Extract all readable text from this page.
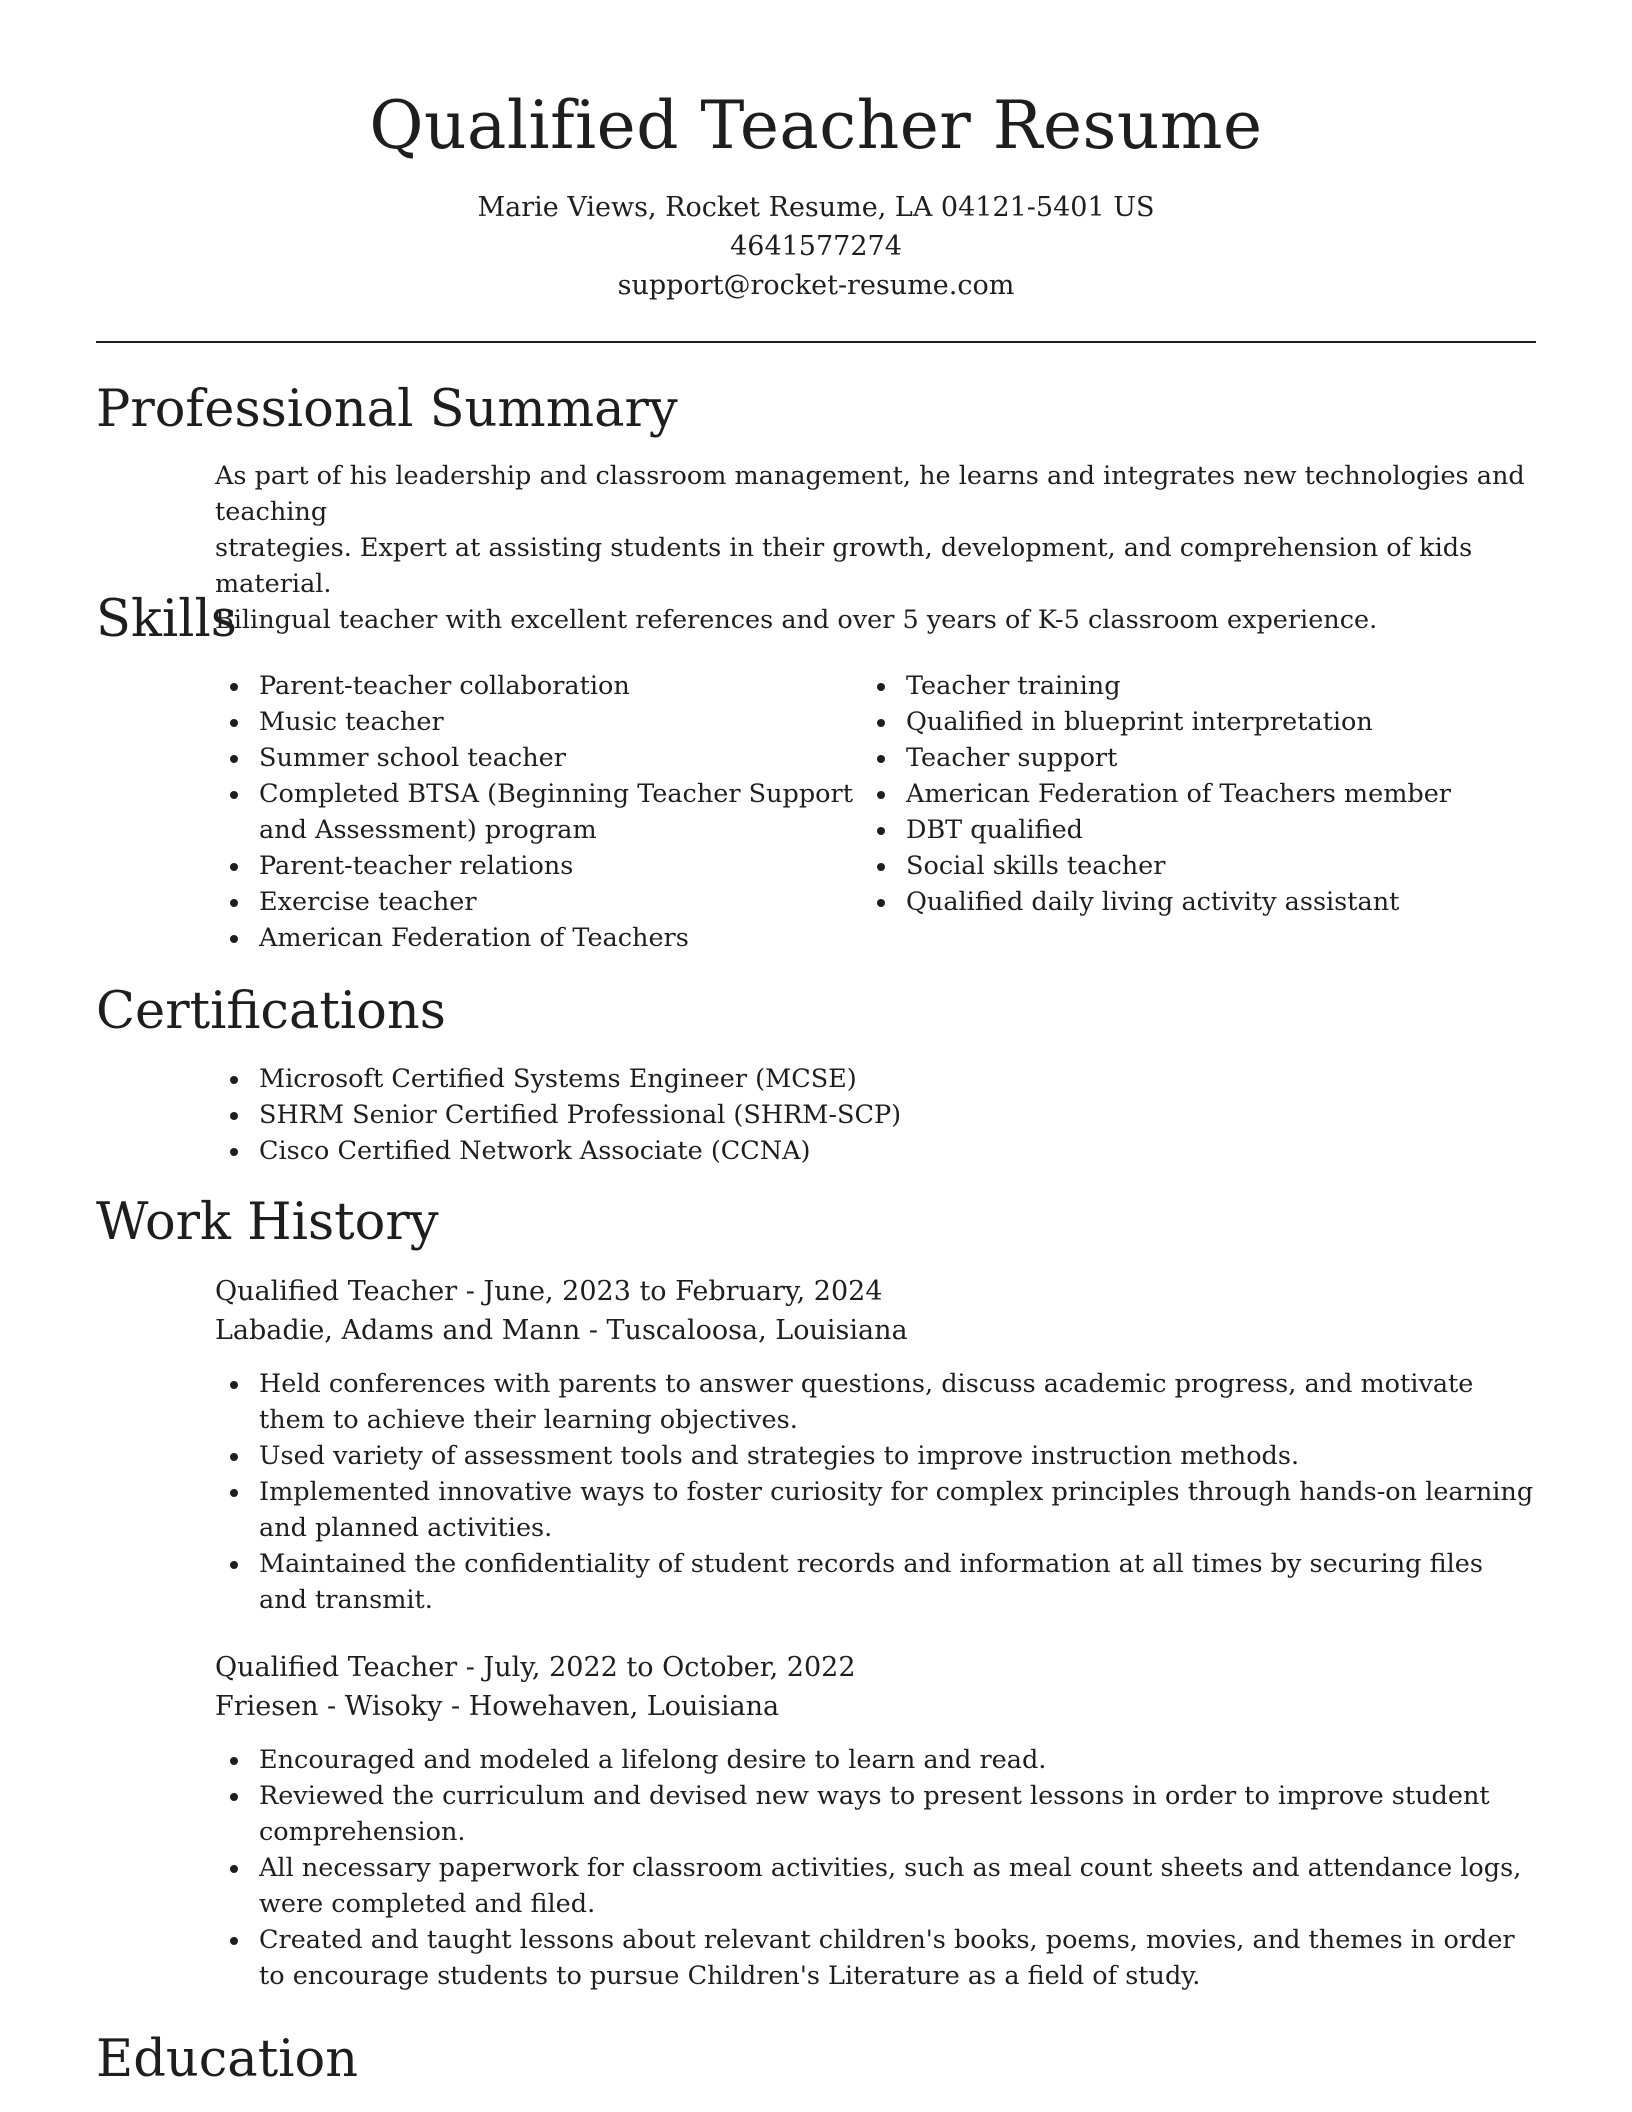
Qualified Teacher Resume

Marie Views, Rocket Resume, LA 04121-5401 US

4641577274

support@rocket-resume.com

Professional Summary
As part of his leadership and classroom management, he learns and integrates new technologies and teaching
strategies. Expert at assisting students in their growth, development, and comprehension of kids material.
Bilingual teacher with excellent references and over 5 years of K-5 classroom experience.
Skills
Parent-teacher collaboration
Music teacher
Summer school teacher
Completed BTSA (Beginning Teacher Support and Assessment) program
Parent-teacher relations
Exercise teacher
American Federation of Teachers
Teacher training
Qualified in blueprint interpretation
Teacher support
American Federation of Teachers member
DBT qualified
Social skills teacher
Qualified daily living activity assistant
Certifications
Microsoft Certified Systems Engineer (MCSE)
SHRM Senior Certified Professional (SHRM-SCP)
Cisco Certified Network Associate (CCNA)
Work History

Qualified Teacher - June, 2023 to February, 2024

Labadie, Adams and Mann - Tuscaloosa, Louisiana

Held conferences with parents to answer questions, discuss academic progress, and motivate them to achieve their learning objectives.
Used variety of assessment tools and strategies to improve instruction methods.
Implemented innovative ways to foster curiosity for complex principles through hands-on learning and planned activities.
Maintained the confidentiality of student records and information at all times by securing files and transmit.

Qualified Teacher - July, 2022 to October, 2022

Friesen - Wisoky - Howehaven, Louisiana

Encouraged and modeled a lifelong desire to learn and read.
Reviewed the curriculum and devised new ways to present lessons in order to improve student comprehension.
All necessary paperwork for classroom activities, such as meal count sheets and attendance logs, were completed and filed.
Created and taught lessons about relevant children's books, poems, movies, and themes in order to encourage students to pursue Children's Literature as a field of study.
Education
